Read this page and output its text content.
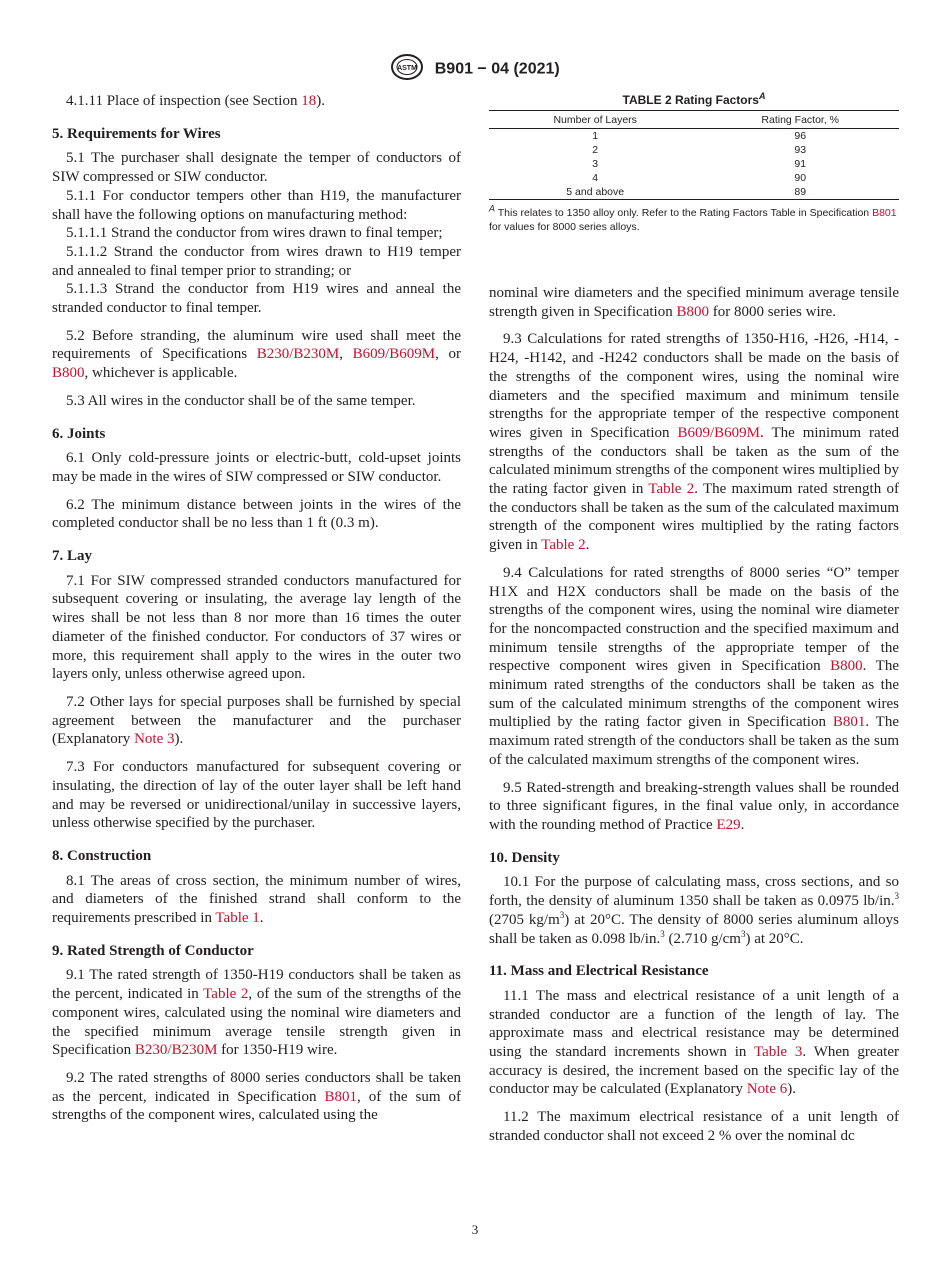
ASTM B901 − 04 (2021)

4.1.11 Place of inspection (see Section 18).

5. Requirements for Wires

5.1 The purchaser shall designate the temper of conductors of SIW compressed or SIW conductor.

5.1.1 For conductor tempers other than H19, the manufacturer shall have the following options on manufacturing method:

5.1.1.1 Strand the conductor from wires drawn to final temper;

5.1.1.2 Strand the conductor from wires drawn to H19 temper and annealed to final temper prior to stranding; or

5.1.1.3 Strand the conductor from H19 wires and anneal the stranded conductor to final temper.

5.2 Before stranding, the aluminum wire used shall meet the requirements of Specifications B230/B230M, B609/B609M, or B800, whichever is applicable.

5.3 All wires in the conductor shall be of the same temper.

6. Joints

6.1 Only cold-pressure joints or electric-butt, cold-upset joints may be made in the wires of SIW compressed or SIW conductor.

6.2 The minimum distance between joints in the wires of the completed conductor shall be no less than 1 ft (0.3 m).

7. Lay

7.1 For SIW compressed stranded conductors manufactured for subsequent covering or insulating, the average lay length of the wires shall be not less than 8 nor more than 16 times the outer diameter of the finished conductor. For conductors of 37 wires or more, this requirement shall apply to the wires in the outer two layers only, unless otherwise agreed upon.

7.2 Other lays for special purposes shall be furnished by special agreement between the manufacturer and the purchaser (Explanatory Note 3).

7.3 For conductors manufactured for subsequent covering or insulating, the direction of lay of the outer layer shall be left hand and may be reversed or unidirectional/unilay in successive layers, unless otherwise specified by the purchaser.

8. Construction

8.1 The areas of cross section, the minimum number of wires, and diameters of the finished strand shall conform to the requirements prescribed in Table 1.

9. Rated Strength of Conductor

9.1 The rated strength of 1350-H19 conductors shall be taken as the percent, indicated in Table 2, of the sum of the strengths of the component wires, calculated using the nominal wire diameters and the specified minimum average tensile strength given in Specification B230/B230M for 1350-H19 wire.

9.2 The rated strengths of 8000 series conductors shall be taken as the percent, indicated in Specification B801, of the sum of strengths of the component wires, calculated using the

TABLE 2 Rating Factors$^A$
Number of Layers	Rating Factor, %
1	96
2	93
3	91
4	90
5 and above	89
$^A$ This relates to 1350 alloy only. Refer to the Rating Factors Table in Specification B801 for values for 8000 series alloys.

nominal wire diameters and the specified minimum average tensile strength given in Specification B800 for 8000 series wire.

9.3 Calculations for rated strengths of 1350-H16, -H26, -H14, -H24, -H142, and -H242 conductors shall be made on the basis of the strengths of the component wires, using the nominal wire diameters and the specified maximum and minimum tensile strengths for the appropriate temper of the respective component wires given in Specification B609/B609M. The minimum rated strengths of the conductors shall be taken as the sum of the calculated minimum strengths of the component wires multiplied by the rating factor given in Table 2. The maximum rated strength of the conductors shall be taken as the sum of the calculated maximum strength of the component wires multiplied by the rating factors given in Table 2.

9.4 Calculations for rated strengths of 8000 series “O” temper H1X and H2X conductors shall be made on the basis of the strengths of the component wires, using the nominal wire diameter for the noncompacted construction and the specified maximum and minimum tensile strengths of the appropriate temper of the respective component wires given in Specification B800. The minimum rated strengths of the conductors shall be taken as the sum of the calculated minimum strengths of the component wires multiplied by the rating factor given in Specification B801. The maximum rated strength of the conductors shall be taken as the sum of the calculated maximum strengths of the component wires.

9.5 Rated-strength and breaking-strength values shall be rounded to three significant figures, in the final value only, in accordance with the rounding method of Practice E29.

10. Density

10.1 For the purpose of calculating mass, cross sections, and so forth, the density of aluminum 1350 shall be taken as 0.0975 lb/in.$^3$ (2705 $kg/m^3$) at 20°C. The density of 8000 series aluminum alloys shall be taken as 0.098 lb/in.$^3$ (2.710 $g/cm^3$) at 20°C.

11. Mass and Electrical Resistance

11.1 The mass and electrical resistance of a unit length of a stranded conductor are a function of the length of lay. The approximate mass and electrical resistance may be determined using the standard increments shown in Table 3. When greater accuracy is desired, the increment based on the specific lay of the conductor may be calculated (Explanatory Note 6).

11.2 The maximum electrical resistance of a unit length of stranded conductor shall not exceed 2 % over the nominal dc

3
